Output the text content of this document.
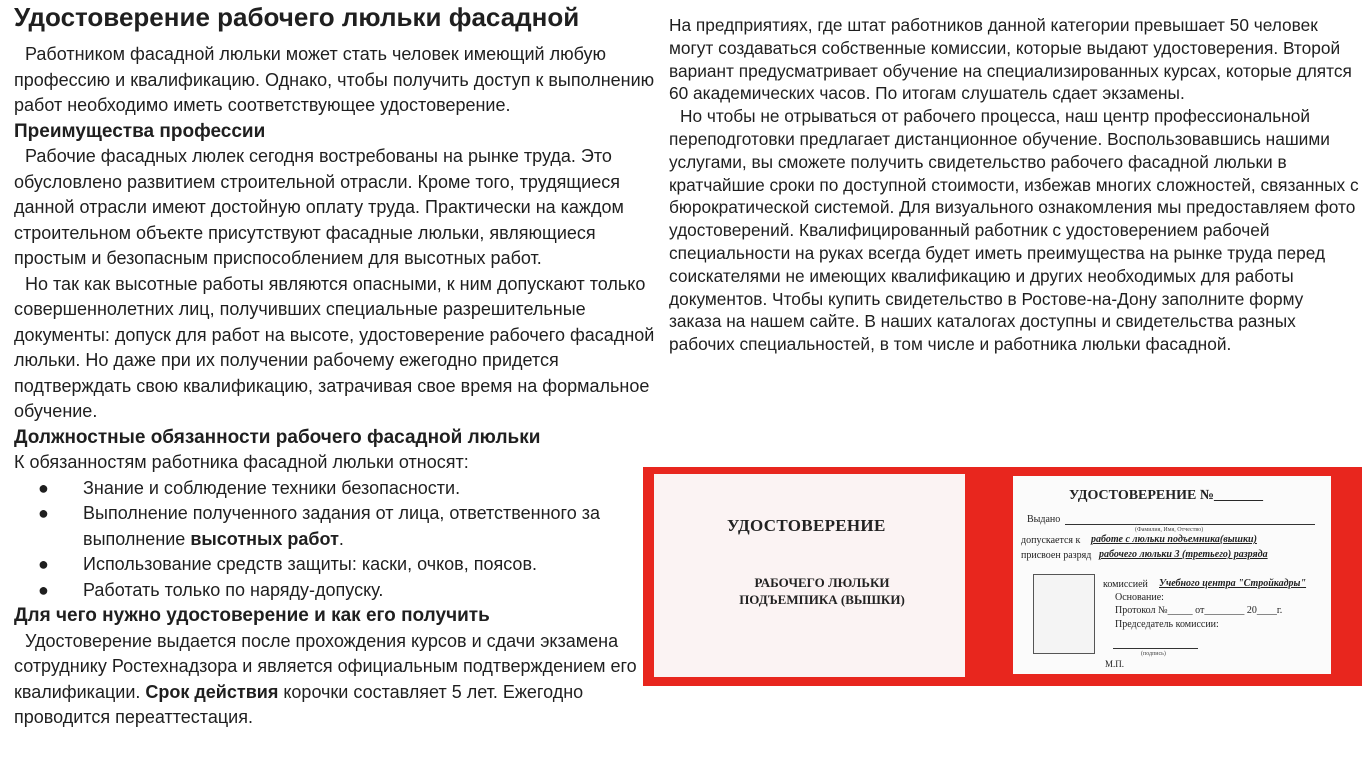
Удостоверение рабочего люльки фасадной

Работником фасадной люльки может стать человек имеющий любую профессию и квалификацию. Однако, чтобы получить доступ к выполнению работ необходимо иметь соответствующее удостоверение.

Преимущества профессии

Рабочие фасадных люлек сегодня востребованы на рынке труда. Это обусловлено развитием строительной отрасли. Кроме того, трудящиеся данной отрасли имеют достойную оплату труда. Практически на каждом строительном объекте присутствуют фасадные люльки, являющиеся простым и безопасным приспособлением для высотных работ.

Но так как высотные работы являются опасными, к ним допускают только совершеннолетних лиц, получивших специальные разрешительные документы: допуск для работ на высоте, удостоверение рабочего фасадной люльки. Но даже при их получении рабочему ежегодно придется подтверждать свою квалификацию, затрачивая свое время на формальное обучение.

Должностные обязанности рабочего фасадной люльки

К обязанностям работника фасадной люльки относят:

● Знание и соблюдение техники безопасности.
● Выполнение полученного задания от лица, ответственного за выполнение высотных работ.
● Использование средств защиты: каски, очков, поясов.
● Работать только по наряду-допуску.

Для чего нужно удостоверение и как его получить

Удостоверение выдается после прохождения курсов и сдачи экзамена сотруднику Ростехнадзора и является официальным подтверждением его квалификации. Срок действия корочки составляет 5 лет. Ежегодно проводится переаттестация.

На предприятиях, где штат работников данной категории превышает 50 человек могут создаваться собственные комиссии, которые выдают удостоверения. Второй вариант предусматривает обучение на специализированных курсах, которые длятся 60 академических часов. По итогам слушатель сдает экзамены.

Но чтобы не отрываться от рабочего процесса, наш центр профессиональной переподготовки предлагает дистанционное обучение. Воспользовавшись нашими услугами, вы сможете получить свидетельство рабочего фасадной люльки в кратчайшие сроки по доступной стоимости, избежав многих сложностей, связанных с бюрократической системой. Для визуального ознакомления мы предоставляем фото удостоверений. Квалифицированный работник с удостоверением рабочей специальности на руках всегда будет иметь преимущества на рынке труда перед соискателями не имеющих квалификацию и других необходимых для работы документов. Чтобы купить свидетельство в Ростове-на-Дону заполните форму заказа на нашем сайте. В наших каталогах доступны и свидетельства разных рабочих специальностей, в том числе и работника люльки фасадной.

УДОСТОВЕРЕНИЕ
РАБОЧЕГО ЛЮЛЬКИ
ПОДЪЕМПИКА (ВЫШКИ)
УДОСТОВЕРЕНИЕ №_______
Выдано
(Фамилия, Имя, Отчество)
допускается к работе с люльки подъемника(вышки)
присвоен разряд рабочего люльки 3 (третьего) разряда
комиссией Учебного центра "Стройкадры"
Основание:
Протокол №_____ от________ 20____г.
Председатель комиссии:
(подпись)
М.П.
